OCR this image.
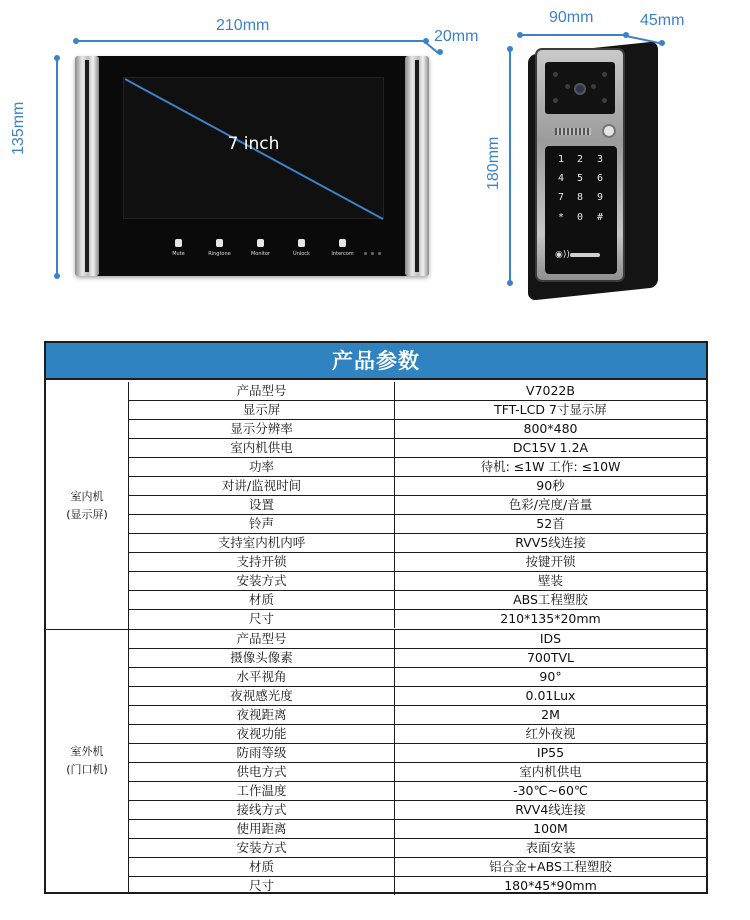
210mm
20mm
135mm	7 inch
Mute	Ringtone	Monitor	Unlock	Intercom
90mm	45mm
180mm	1 2 3
4 5 6
7 8 9
* 0 #
◉))
产品参数
室内机
(显示屏)
产品型号	V7022B
显示屏	TFT-LCD 7寸显示屏
显示分辨率	800*480
室内机供电	DC15V 1.2A
功率	待机: ≤1W 工作: ≤10W
对讲/监视时间	90秒
设置	色彩/亮度/音量
铃声	52首
支持室内机内呼	RVV5线连接
支持开锁	按键开锁
安装方式	壁装
材质	ABS工程塑胶
尺寸	210*135*20mm
室外机
(门口机)
产品型号	IDS
摄像头像素	700TVL
水平视角	90°
夜视感光度	0.01Lux
夜视距离	2M
夜视功能	红外夜视
防雨等级	IP55
供电方式	室内机供电
工作温度	-30℃~60℃
接线方式	RVV4线连接
使用距离	100M
安装方式	表面安装
材质	铝合金+ABS工程塑胶
尺寸	180*45*90mm
